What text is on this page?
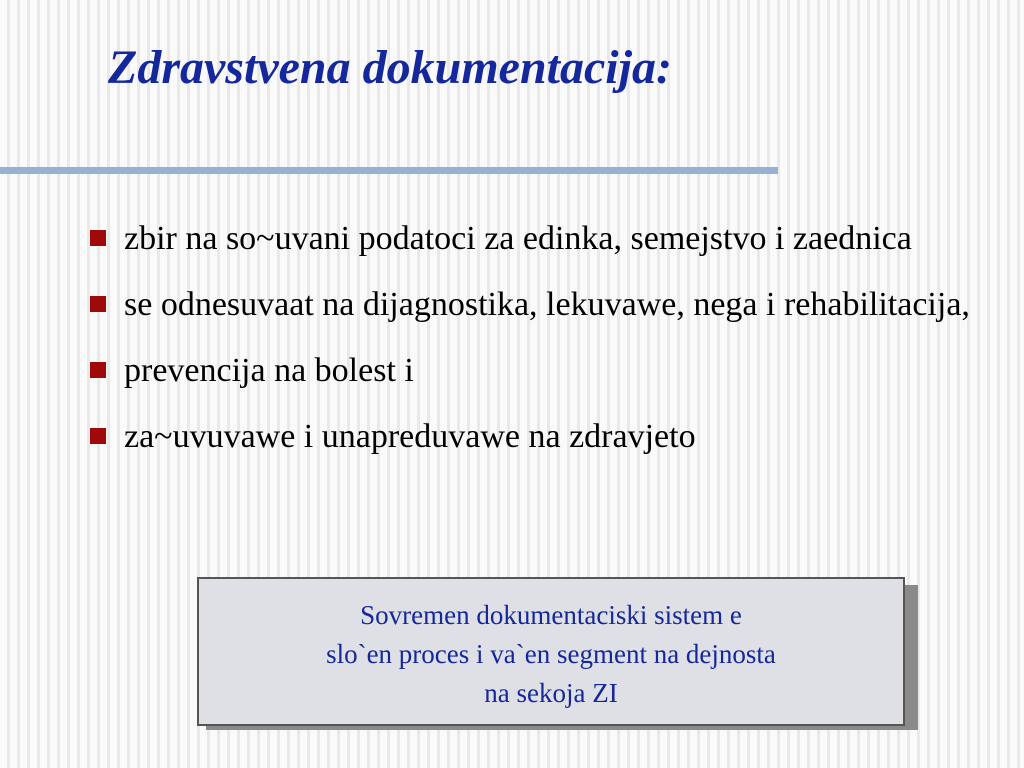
Zdravstvena dokumentacija:
zbir na so~uvani podatoci za edinka, semejstvo i zaednica
se odnesuvaat na dijagnostika, lekuvawe, nega i rehabilitacija,
prevencija na bolest i
za~uvuvawe i unapreduvawe na zdravjeto
Sovremen dokumentaciski sistem e
slo`en proces i va`en segment na dejnosta
na sekoja ZI
